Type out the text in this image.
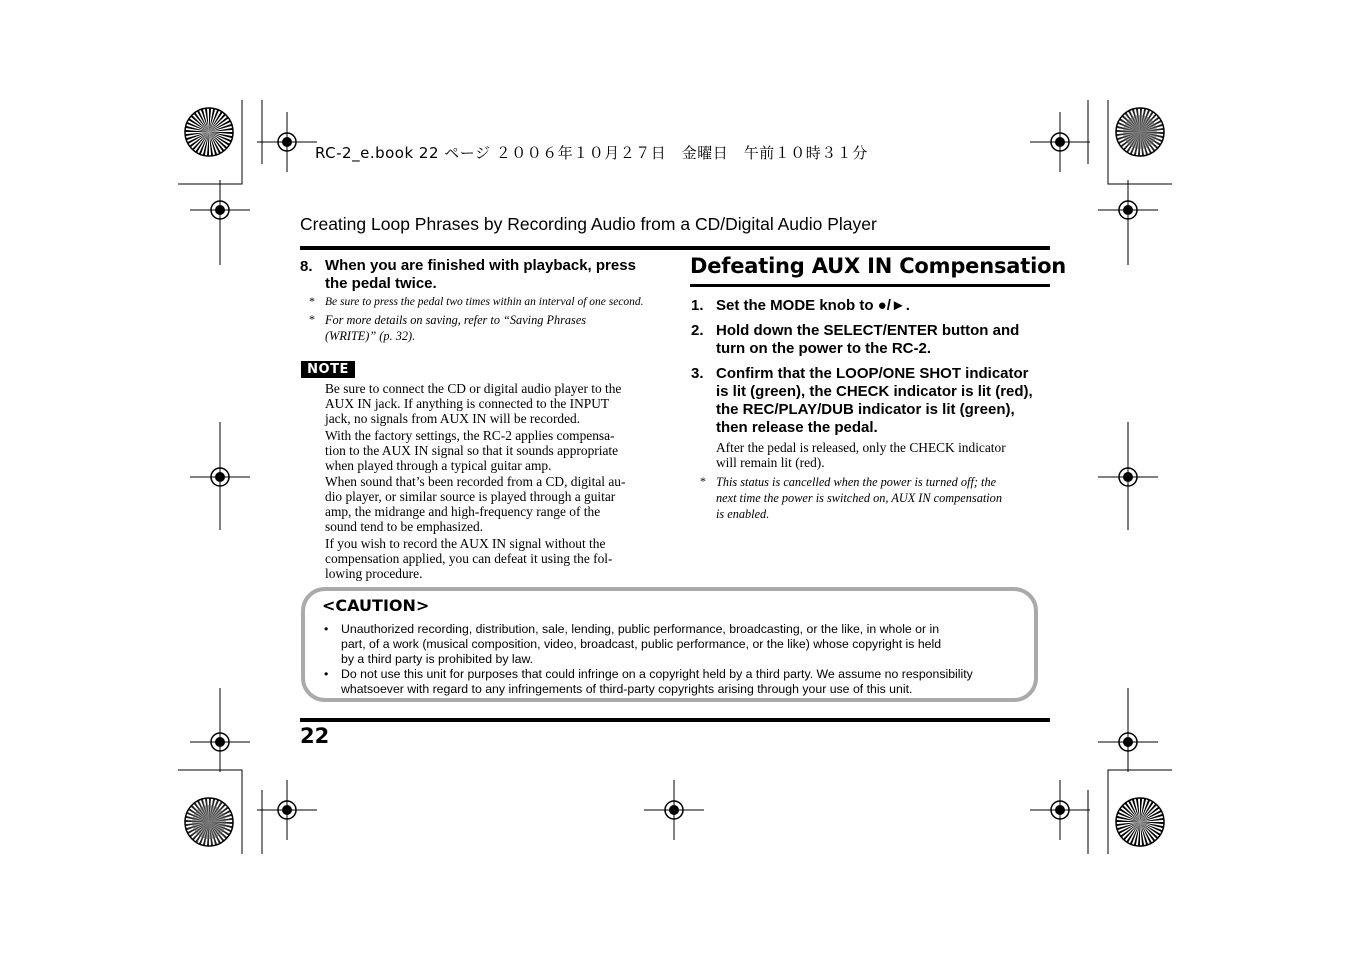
RC-2_e.book 22 ページ ２００６年１０月２７日　金曜日　午前１０時３１分
Creating Loop Phrases by Recording Audio from a CD/Digital Audio Player
8. When you are finished with playback, press
the pedal twice.
* Be sure to press the pedal two times within an interval of one second.
* For more details on saving, refer to “Saving Phrases
(WRITE)” (p. 32).
NOTE
Be sure to connect the CD or digital audio player to the
AUX IN jack. If anything is connected to the INPUT
jack, no signals from AUX IN will be recorded.
With the factory settings, the RC-2 applies compensa-
tion to the AUX IN signal so that it sounds appropriate
when played through a typical guitar amp.
When sound that’s been recorded from a CD, digital au-
dio player, or similar source is played through a guitar
amp, the midrange and high-frequency range of the
sound tend to be emphasized.
If you wish to record the AUX IN signal without the
compensation applied, you can defeat it using the fol-
lowing procedure.
Defeating AUX IN Compensation
1. Set the MODE knob to ●/►.
2. Hold down the SELECT/ENTER button and
turn on the power to the RC-2.
3. Confirm that the LOOP/ONE SHOT indicator
is lit (green), the CHECK indicator is lit (red),
the REC/PLAY/DUB indicator is lit (green),
then release the pedal.
After the pedal is released, only the CHECK indicator
will remain lit (red).
* This status is cancelled when the power is turned off; the
next time the power is switched on, AUX IN compensation
is enabled.
<CAUTION>
• Unauthorized recording, distribution, sale, lending, public performance, broadcasting, or the like, in whole or in
part, of a work (musical composition, video, broadcast, public performance, or the like) whose copyright is held
by a third party is prohibited by law.
• Do not use this unit for purposes that could infringe on a copyright held by a third party. We assume no responsibility
whatsoever with regard to any infringements of third-party copyrights arising through your use of this unit.
22
